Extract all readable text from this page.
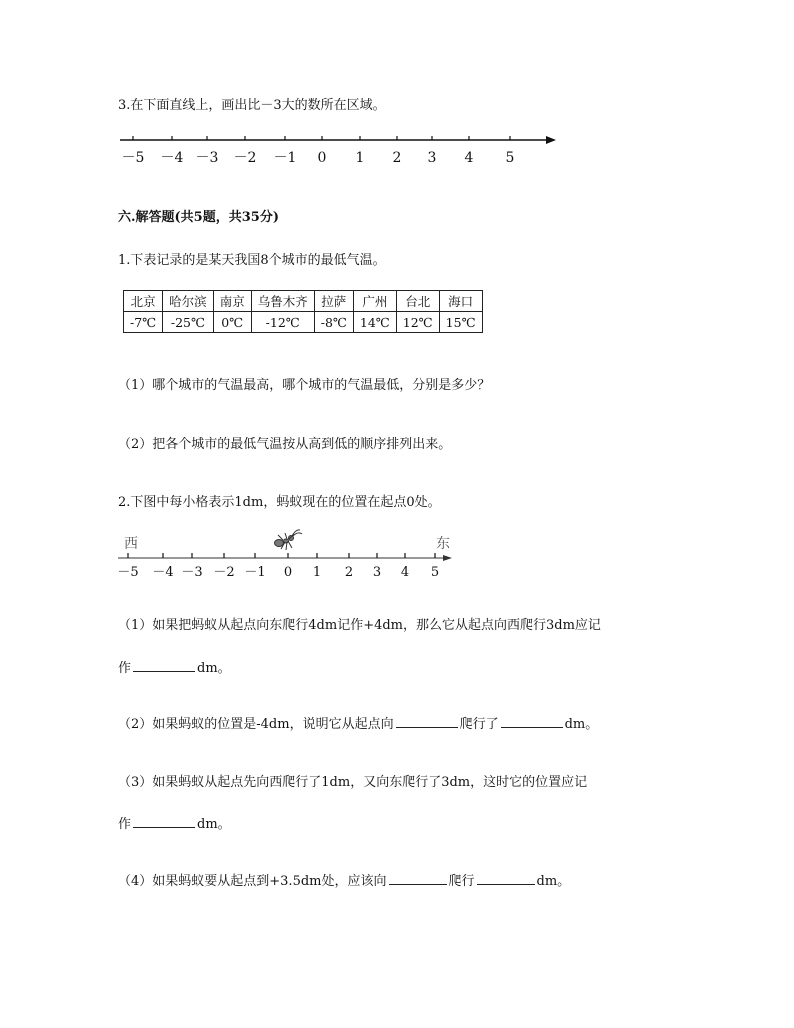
3.在下面直线上，画出比－3大的数所在区域。
－5 －4 －3 －2 －1 0 1 2 3 4 5
六.解答题(共5题，共35分)
1.下表记录的是某天我国8个城市的最低气温。
北京	哈尔滨	南京	乌鲁木齐	拉萨	广州	台北	海口
-7℃	-25℃	0℃	-12℃	-8℃	14℃	12℃	15℃
（1）哪个城市的气温最高，哪个城市的气温最低，分别是多少？
（2）把各个城市的最低气温按从高到低的顺序排列出来。
2.下图中每小格表示1dm，蚂蚁现在的位置在起点0处。
西	东
－5 －4 －3 －2 －1 0 1 2 3 4 5
（1）如果把蚂蚁从起点向东爬行4dm记作+4dm，那么它从起点向西爬行3dm应记
作	dm。
（2）如果蚂蚁的位置是-4dm，说明它从起点向	爬行了	dm。
（3）如果蚂蚁从起点先向西爬行了1dm，又向东爬行了3dm，这时它的位置应记
作	dm。
（4）如果蚂蚁要从起点到+3.5dm处，应该向	爬行	dm。
